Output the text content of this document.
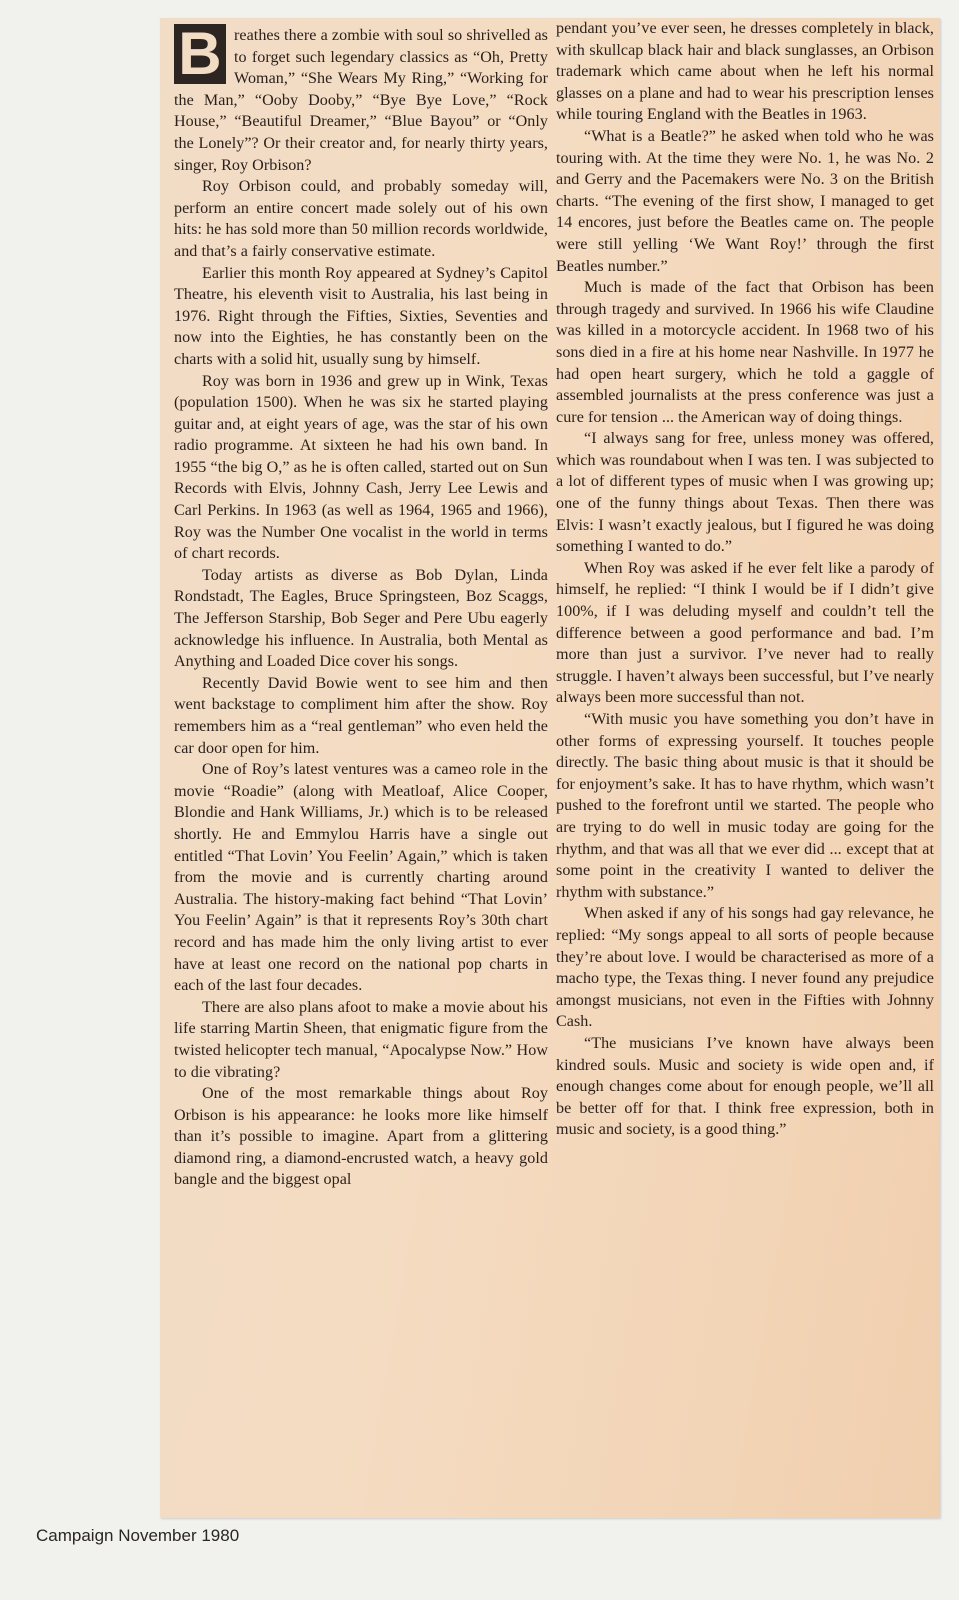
B reathes there a zombie with soul so shrivelled as to forget such legendary classics as “Oh, Pretty Woman,” “She Wears My Ring,” “Working for the Man,” “Ooby Dooby,” “Bye Bye Love,” “Rock House,” “Beautiful Dreamer,” “Blue Bayou” or “Only the Lonely”? Or their creator and, for nearly thirty years, singer, Roy Orbison?

Roy Orbison could, and probably someday will, perform an entire concert made solely out of his own hits: he has sold more than 50 million records worldwide, and that’s a fairly conservative estimate.

Earlier this month Roy appeared at Sydney’s Capitol Theatre, his eleventh visit to Australia, his last being in 1976. Right through the Fifties, Sixties, Seventies and now into the Eighties, he has constantly been on the charts with a solid hit, usually sung by himself.

Roy was born in 1936 and grew up in Wink, Texas (population 1500). When he was six he started playing guitar and, at eight years of age, was the star of his own radio programme. At sixteen he had his own band. In 1955 “the big O,” as he is often called, started out on Sun Records with Elvis, Johnny Cash, Jerry Lee Lewis and Carl Perkins. In 1963 (as well as 1964, 1965 and 1966), Roy was the Number One vocalist in the world in terms of chart records.

Today artists as diverse as Bob Dylan, Linda Rondstadt, The Eagles, Bruce Springsteen, Boz Scaggs, The Jefferson Starship, Bob Seger and Pere Ubu eagerly acknowledge his influence. In Australia, both Mental as Anything and Loaded Dice cover his songs.

Recently David Bowie went to see him and then went backstage to compliment him after the show. Roy remembers him as a “real gentleman” who even held the car door open for him.

One of Roy’s latest ventures was a cameo role in the movie “Roadie” (along with Meatloaf, Alice Cooper, Blondie and Hank Williams, Jr.) which is to be released shortly. He and Emmylou Harris have a single out entitled “That Lovin’ You Feelin’ Again,” which is taken from the movie and is currently charting around Australia. The history-making fact behind “That Lovin’ You Feelin’ Again” is that it represents Roy’s 30th chart record and has made him the only living artist to ever have at least one record on the national pop charts in each of the last four decades.

There are also plans afoot to make a movie about his life starring Martin Sheen, that enigmatic figure from the twisted helicopter tech manual, “Apocalypse Now.” How to die vibrating?

One of the most remarkable things about Roy Orbison is his appearance: he looks more like himself than it’s possible to imagine. Apart from a glittering diamond ring, a diamond-encrusted watch, a heavy gold bangle and the biggest opal

pendant you’ve ever seen, he dresses completely in black, with skullcap black hair and black sunglasses, an Orbison trademark which came about when he left his normal glasses on a plane and had to wear his prescription lenses while touring England with the Beatles in 1963.

“What is a Beatle?” he asked when told who he was touring with. At the time they were No. 1, he was No. 2 and Gerry and the Pacemakers were No. 3 on the British charts. “The evening of the first show, I managed to get 14 encores, just before the Beatles came on. The people were still yelling ‘We Want Roy!’ through the first Beatles number.”

Much is made of the fact that Orbison has been through tragedy and survived. In 1966 his wife Claudine was killed in a motorcycle accident. In 1968 two of his sons died in a fire at his home near Nashville. In 1977 he had open heart surgery, which he told a gaggle of assembled journalists at the press conference was just a cure for tension ... the American way of doing things.

“I always sang for free, unless money was offered, which was roundabout when I was ten. I was subjected to a lot of different types of music when I was growing up; one of the funny things about Texas. Then there was Elvis: I wasn’t exactly jealous, but I figured he was doing something I wanted to do.”

When Roy was asked if he ever felt like a parody of himself, he replied: “I think I would be if I didn’t give 100%, if I was deluding myself and couldn’t tell the difference between a good performance and bad. I’m more than just a survivor. I’ve never had to really struggle. I haven’t always been successful, but I’ve nearly always been more successful than not.

“With music you have something you don’t have in other forms of expressing yourself. It touches people directly. The basic thing about music is that it should be for enjoyment’s sake. It has to have rhythm, which wasn’t pushed to the forefront until we started. The people who are trying to do well in music today are going for the rhythm, and that was all that we ever did ... except that at some point in the creativity I wanted to deliver the rhythm with substance.”

When asked if any of his songs had gay relevance, he replied: “My songs appeal to all sorts of people because they’re about love. I would be characterised as more of a macho type, the Texas thing. I never found any prejudice amongst musicians, not even in the Fifties with Johnny Cash.

“The musicians I’ve known have always been kindred souls. Music and society is wide open and, if enough changes come about for enough people, we’ll all be better off for that. I think free expression, both in music and society, is a good thing.”

Campaign November 1980
